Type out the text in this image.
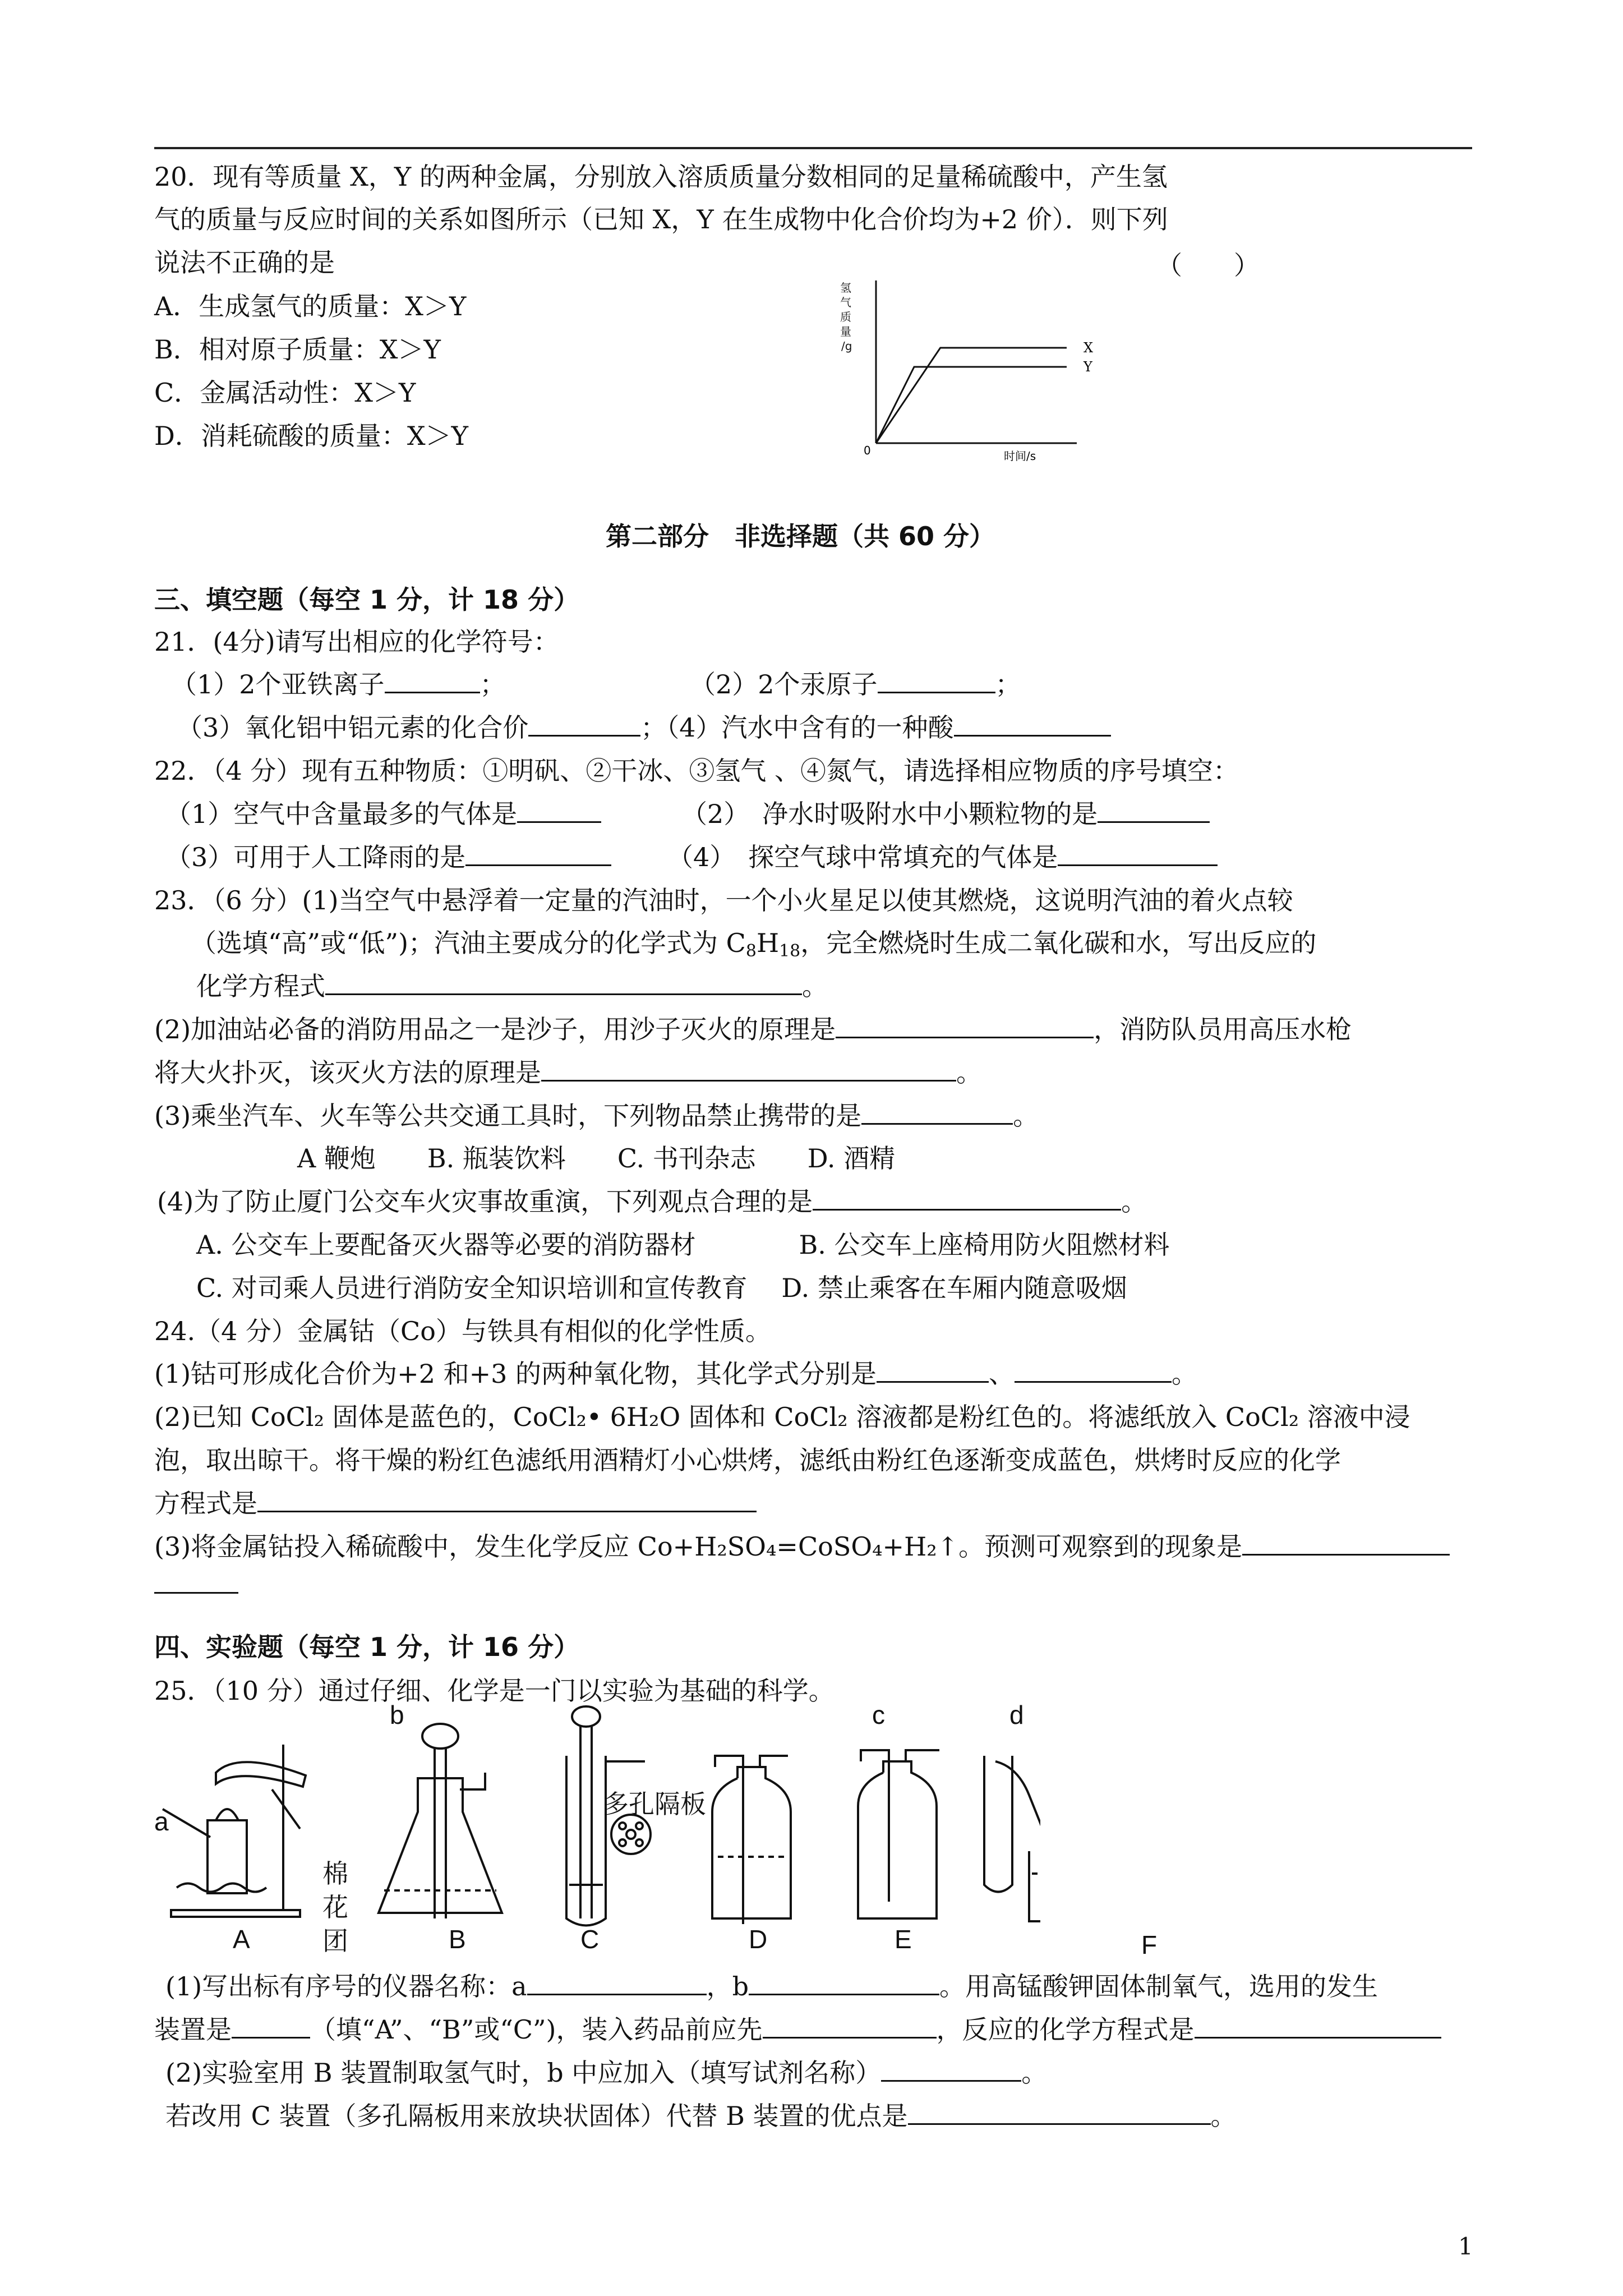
20．现有等质量 X，Y 的两种金属，分别放入溶质质量分数相同的足量稀硫酸中，产生氢
气的质量与反应时间的关系如图所示（已知 X，Y 在生成物中化合价均为+2 价）．则下列
说法不正确的是	（　　）
A．生成氢气的质量：X＞Y
B．相对原子质量：X＞Y
C．金属活动性：X＞Y
D．消耗硫酸的质量：X＞Y
氢
气
质
量
/g
0	时间/s
X
Y
第二部分　非选择题（共 60 分）
三、填空题（每空 1 分，计 18 分）
21．(4分)请写出相应的化学符号：
（1）2个亚铁离子	；	（2）2个汞原子	；
（3）氧化铝中铝元素的化合价	；（4）汽水中含有的一种酸
22．（4 分）现有五种物质：①明矾、②干冰、③氢气 、④氮气，请选择相应物质的序号填空：
（1）空气中含量最多的气体是	（2）　净水时吸附水中小颗粒物的是
（3）可用于人工降雨的是	（4）　探空气球中常填充的气体是
23．（6 分）(1)当空气中悬浮着一定量的汽油时，一个小火星足以使其燃烧，这说明汽油的着火点较
（选填“高”或“低”)；汽油主要成分的化学式为 $C_8H_{18}$，完全燃烧时生成二氧化碳和水，写出反应的
化学方程式	。
(2)加油站必备的消防用品之一是沙子，用沙子灭火的原理是	，消防队员用高压水枪
将大火扑灭，该灭火方法的原理是	。
(3)乘坐汽车、火车等公共交通工具时，下列物品禁止携带的是	。
A 鞭炮　　B. 瓶装饮料　　C. 书刊杂志　　D. 酒精
(4)为了防止厦门公交车火灾事故重演，下列观点合理的是	。
A. 公交车上要配备灭火器等必要的消防器材　　　　B. 公交车上座椅用防火阻燃材料
C. 对司乘人员进行消防安全知识培训和宣传教育　 D. 禁止乘客在车厢内随意吸烟
24.（4 分）金属钴（Co）与铁具有相似的化学性质。
(1)钴可形成化合价为+2 和+3 的两种氧化物，其化学式分别是	、	。
(2)已知 CoCl₂ 固体是蓝色的，CoCl₂• 6H₂O 固体和 CoCl₂ 溶液都是粉红色的。将滤纸放入 CoCl₂ 溶液中浸
泡，取出晾干。将干燥的粉红色滤纸用酒精灯小心烘烤，滤纸由粉红色逐渐变成蓝色，烘烤时反应的化学
方程式是
(3)将金属钴投入稀硫酸中，发生化学反应 Co+H₂SO₄=CoSO₄+H₂↑。预测可观察到的现象是
四、实验题（每空 1 分，计 16 分）
25．（10 分）通过仔细、化学是一门以实验为基础的科学。
a
b	c	d
棉 花 团
多孔隔板
A	B	C	D	E	F
(1)写出标有序号的仪器名称：a	，b	。用高锰酸钾固体制氧气，选用的发生
装置是	（填“A”、“B”或“C”)，装入药品前应先	，反应的化学方程式是
(2)实验室用 B 装置制取氢气时，b 中应加入（填写试剂名称）	。
若改用 C 装置（多孔隔板用来放块状固体）代替 B 装置的优点是	。
1
